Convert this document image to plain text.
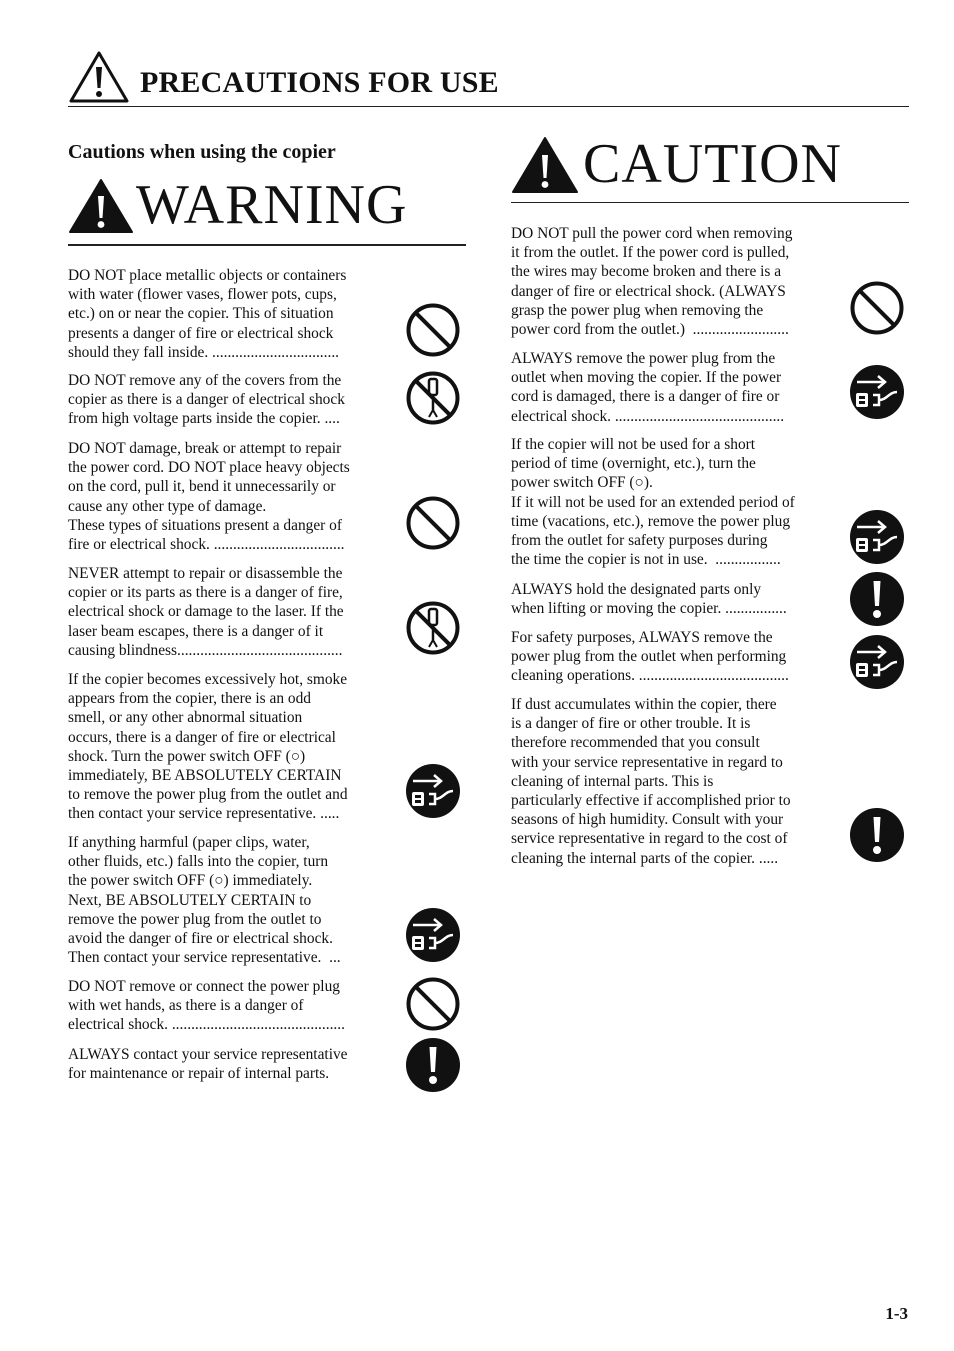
PRECAUTIONS FOR USE
Cautions when using the copier
WARNING
CAUTION
DO NOT place metallic objects or containers
with water (flower vases, flower pots, cups,
etc.) on or near the copier. This of situation
presents a danger of fire or electrical shock
should they fall inside. .................................
DO NOT remove any of the covers from the
copier as there is a danger of electrical shock
from high voltage parts inside the copier. ....
DO NOT damage, break or attempt to repair
the power cord. DO NOT place heavy objects
on the cord, pull it, bend it unnecessarily or
cause any other type of damage.
These types of situations present a danger of
fire or electrical shock. ..................................
NEVER attempt to repair or disassemble the
copier or its parts as there is a danger of fire,
electrical shock or damage to the laser. If the
laser beam escapes, there is a danger of it
causing blindness...........................................
If the copier becomes excessively hot, smoke
appears from the copier, there is an odd
smell, or any other abnormal situation
occurs, there is a danger of fire or electrical
shock. Turn the power switch OFF (○)
immediately, BE ABSOLUTELY CERTAIN
to remove the power plug from the outlet and
then contact your service representative. .....
If anything harmful (paper clips, water,
other fluids, etc.) falls into the copier, turn
the power switch OFF (○) immediately.
Next, BE ABSOLUTELY CERTAIN to
remove the power plug from the outlet to
avoid the danger of fire or electrical shock.
Then contact your service representative.  ...
DO NOT remove or connect the power plug
with wet hands, as there is a danger of
electrical shock. .............................................
ALWAYS contact your service representative
for maintenance or repair of internal parts.
DO NOT pull the power cord when removing
it from the outlet. If the power cord is pulled,
the wires may become broken and there is a
danger of fire or electrical shock. (ALWAYS
grasp the power plug when removing the
power cord from the outlet.)  .........................
ALWAYS remove the power plug from the
outlet when moving the copier. If the power
cord is damaged, there is a danger of fire or
electrical shock. ............................................
If the copier will not be used for a short
period of time (overnight, etc.), turn the
power switch OFF (○).
If it will not be used for an extended period of
time (vacations, etc.), remove the power plug
from the outlet for safety purposes during
the time the copier is not in use.  .................
ALWAYS hold the designated parts only
when lifting or moving the copier. ................
For safety purposes, ALWAYS remove the
power plug from the outlet when performing
cleaning operations. .......................................
If dust accumulates within the copier, there
is a danger of fire or other trouble. It is
therefore recommended that you consult
with your service representative in regard to
cleaning of internal parts. This is
particularly effective if accomplished prior to
seasons of high humidity. Consult with your
service representative in regard to the cost of
cleaning the internal parts of the copier. .....
1-3
